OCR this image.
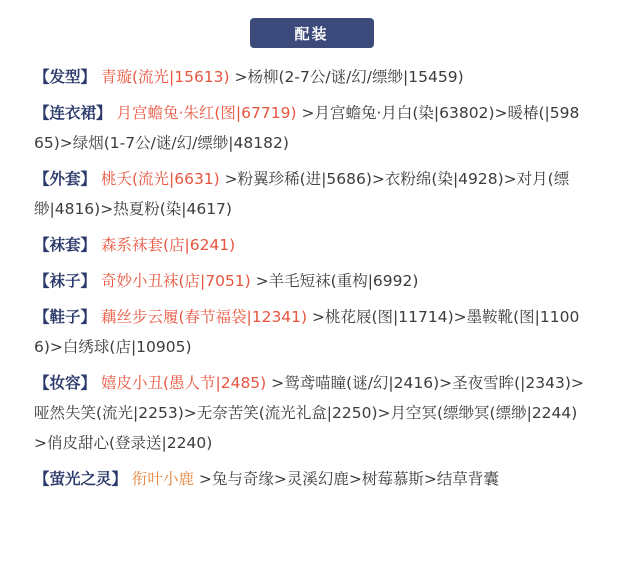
配装
【发型】 青璇(流光|15613) >杨柳(2-7公/谜/幻/缥缈|15459)
【连衣裙】 月宫蟾兔·朱红(图|67719) >月宫蟾兔·月白(染|63802)>暖椿(|59865)>绿烟(1-7公/谜/幻/缥缈|48182)
【外套】 桃夭(流光|6631) >粉翼珍稀(进|5686)>衣粉绵(染|4928)>对月(缥缈|4816)>热夏粉(染|4617)
【袜套】 森系袜套(店|6241)
【袜子】 奇妙小丑袜(店|7051) >羊毛短袜(重构|6992)
【鞋子】 藕丝步云履(春节福袋|12341) >桃花屐(图|11714)>墨鞍靴(图|11006)>白绣球(店|10905)
【妆容】 嬉皮小丑(愚人节|2485) >鸳鸢喵瞳(谜/幻|2416)>圣夜雪眸(|2343)>哑然失笑(流光|2253)>无奈苦笑(流光礼盒|2250)>月空冥(缥缈冥(缥缈|2244)>俏皮甜心(登录送|2240)
【萤光之灵】 衔叶小鹿 >兔与奇缘>灵溪幻鹿>树莓慕斯>结草背囊
